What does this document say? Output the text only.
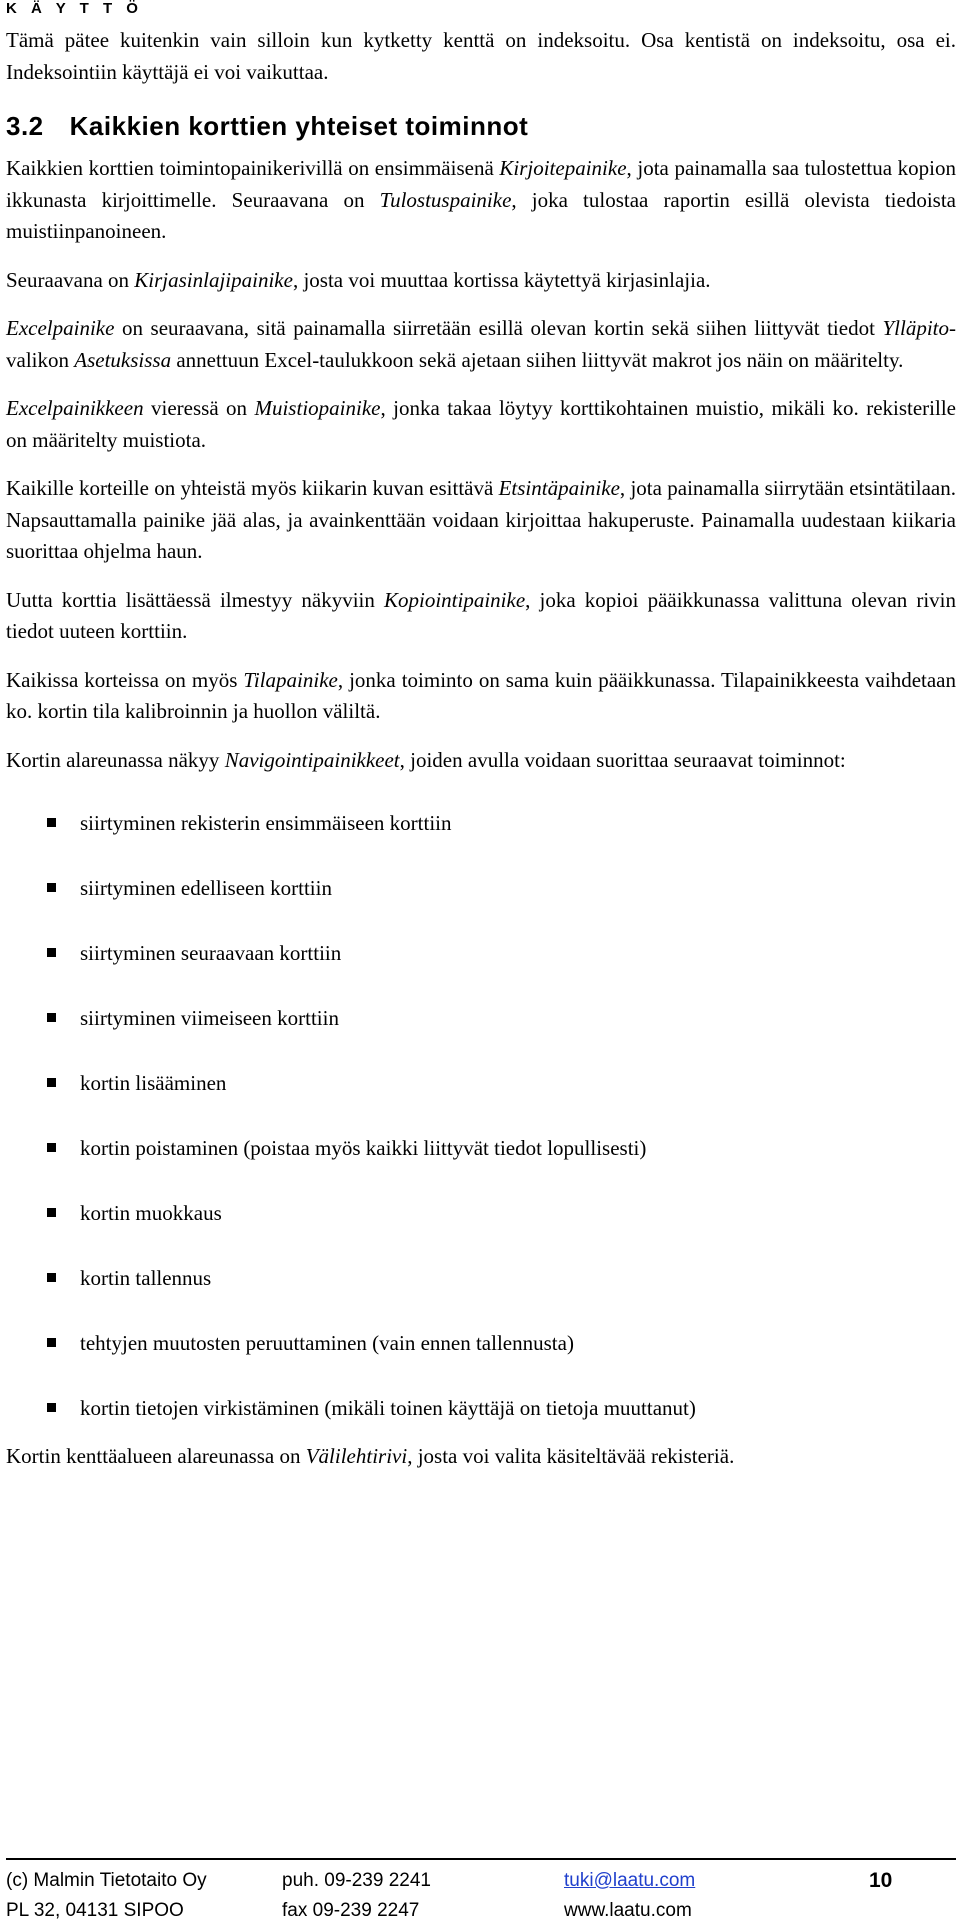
K Ä Y T T Ö

Tämä pätee kuitenkin vain silloin kun kytketty kenttä on indeksoitu. Osa kentistä on indeksoitu, osa ei. Indeksointiin käyttäjä ei voi vaikuttaa.

3.2 Kaikkien korttien yhteiset toiminnot

Kaikkien korttien toimintopainikerivillä on ensimmäisenä Kirjoitepainike, jota painamalla saa tulostettua kopion ikkunasta kirjoittimelle. Seuraavana on Tulostuspainike, joka tulostaa raportin esillä olevista tiedoista muistiinpanoineen.

Seuraavana on Kirjasinlajipainike, josta voi muuttaa kortissa käytettyä kirjasinlajia.

Excelpainike on seuraavana, sitä painamalla siirretään esillä olevan kortin sekä siihen liittyvät tiedot Ylläpito-valikon Asetuksissa annettuun Excel-taulukkoon sekä ajetaan siihen liittyvät makrot jos näin on määritelty.

Excelpainikkeen vieressä on Muistiopainike, jonka takaa löytyy korttikohtainen muistio, mikäli ko. rekisterille on määritelty muistiota.

Kaikille korteille on yhteistä myös kiikarin kuvan esittävä Etsintäpainike, jota painamalla siirrytään etsintätilaan. Napsauttamalla painike jää alas, ja avainkenttään voidaan kirjoittaa hakuperuste. Painamalla uudestaan kiikaria suorittaa ohjelma haun.

Uutta korttia lisättäessä ilmestyy näkyviin Kopiointipainike, joka kopioi pääikkunassa valittuna olevan rivin tiedot uuteen korttiin.

Kaikissa korteissa on myös Tilapainike, jonka toiminto on sama kuin pääikkunassa. Tilapainikkeesta vaihdetaan ko. kortin tila kalibroinnin ja huollon väliltä.

Kortin alareunassa näkyy Navigointipainikkeet, joiden avulla voidaan suorittaa seuraavat toiminnot:

siirtyminen rekisterin ensimmäiseen korttiin
siirtyminen edelliseen korttiin
siirtyminen seuraavaan korttiin
siirtyminen viimeiseen korttiin
kortin lisääminen
kortin poistaminen (poistaa myös kaikki liittyvät tiedot lopullisesti)
kortin muokkaus
kortin tallennus
tehtyjen muutosten peruuttaminen (vain ennen tallennusta)
kortin tietojen virkistäminen (mikäli toinen käyttäjä on tietoja muuttanut)

Kortin kenttäalueen alareunassa on Välilehtirivi, josta voi valita käsiteltävää rekisteriä.

(c) Malmin Tietotaito Oy	puh. 09-239 2241	tuki@laatu.com	10
PL 32, 04131 SIPOO	fax 09-239 2247	www.laatu.com
